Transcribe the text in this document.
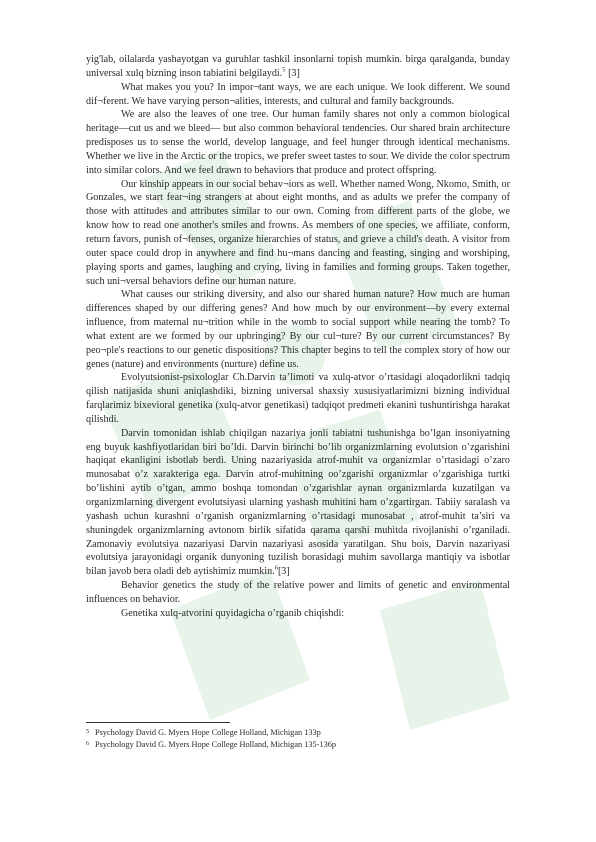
yig'lab, oilalarda yashayotgan va guruhlar tashkil insonlarni topish mumkin. birga qaralganda, bunday universal xulq bizning inson tabiatini belgilaydi.$^5$ [3]

What makes you you? In impor¬tant ways, we are each unique. We look different. We sound dif¬ferent. We have varying person¬alities, interests, and cultural and family backgrounds.

We are also the leaves of one tree. Our human family shares not only a common biological heritage—cut us and we bleed— but also common behavioral tendencies. Our shared brain architecture predisposes us to sense the world, develop language, and feel hunger through identical mechanisms. Whether we live in the Arctic or the tropics, we prefer sweet tastes to sour. We divide the color spectrum into similar colors. And we feel drawn to behaviors that produce and protect offspring.

Our kinship appears in our social behav¬iors as well. Whether named Wong, Nkomo, Smith, or Gonzales, we start fear¬ing strangers at about eight months, and as adults we prefer the company of those with attitudes and attributes similar to our own. Coming from different parts of the globe, we know how to read one another's smiles and frowns. As members of one species, we affiliate, conform, return favors, punish of¬fenses, organize hierarchies of status, and grieve a child's death. A visitor from outer space could drop in anywhere and find hu¬mans dancing and feasting, singing and worshiping, playing sports and games, laughing and crying, living in families and forming groups. Taken together, such uni¬versal behaviors define our human nature.

What causes our striking diversity, and also our shared human nature? How much are human differences shaped by our differing genes? And how much by our environment—by every external influence, from maternal nu¬trition while in the womb to social support while nearing the tomb? To what extent are we formed by our upbringing? By our cul¬ture? By our current circumstances? By peo¬ple's reactions to our genetic dispositions? This chapter begins to tell the complex story of how our genes (nature) and environments (nurture) define us.

Evolyutsionist-psixologlar Ch.Darvin ta’limoti va xulq-atvor o’rtasidagi aloqadorlikni tadqiq qilish natijasida shuni aniqlashdiki, bizning universal shaxsiy xususiyatlarimizni bizning individual farqlarimiz bixevioral genetika (xulq-atvor genetikasi) tadqiqot predmeti ekanini tushuntirishga harakat qilishdi.

Darvin tomonidan ishlab chiqilgan nazariya jonli tabiatni tushunishga bo’lgan insoniyatning eng buyuk kashfiyotlaridan biri bo’ldi. Darvin birinchi bo’lib organizmlarning evolutsion o’zgarishini haqiqat ekanligini isbotlab berdi. Uning nazariyasida atrof-muhit va organizmlar o’rtasidagi o’zaro munosabat o’z xarakteriga ega. Darvin atrof-muhitning oo’zgarishi organizmlar o’zgarishiga turtki bo’lishini aytib o’tgan, ammo boshqa tomondan o’zgarishlar aynan organizmlarda kuzatilgan va organizmlarning divergent evolutsiyasi ularning yashash muhitini ham o’zgartirgan. Tabiiy saralash va yashash uchun kurashni o’rganish organizmlarning o’rtasidagi munosabat , atrof-muhit ta’siri va shuningdek organizmlarning avtonom birlik sifatida qarama qarshi muhitda rivojlanishi o’rganiladi. Zamonaviy evolutsiya nazariyasi Darvin nazariyasi asosida yaratilgan. Shu bois, Darvin nazariyasi evolutsiya jarayonidagi organik dunyoning tuzilish borasidagi muhim savollarga mantiqiy va isbotlar bilan javob bera oladi deb aytishimiz mumkin.$^6$[3]

Behavior genetics the study of the relative power and limits of genetic and environmental influences on behavior.

Genetika xulq-atvorini quyidagicha o’rganib chiqishdi:

5 Psychology David G. Myers Hope College Holland, Michigan 133p
6 Psychology David G. Myers Hope College Holland, Michigan 135-136p
